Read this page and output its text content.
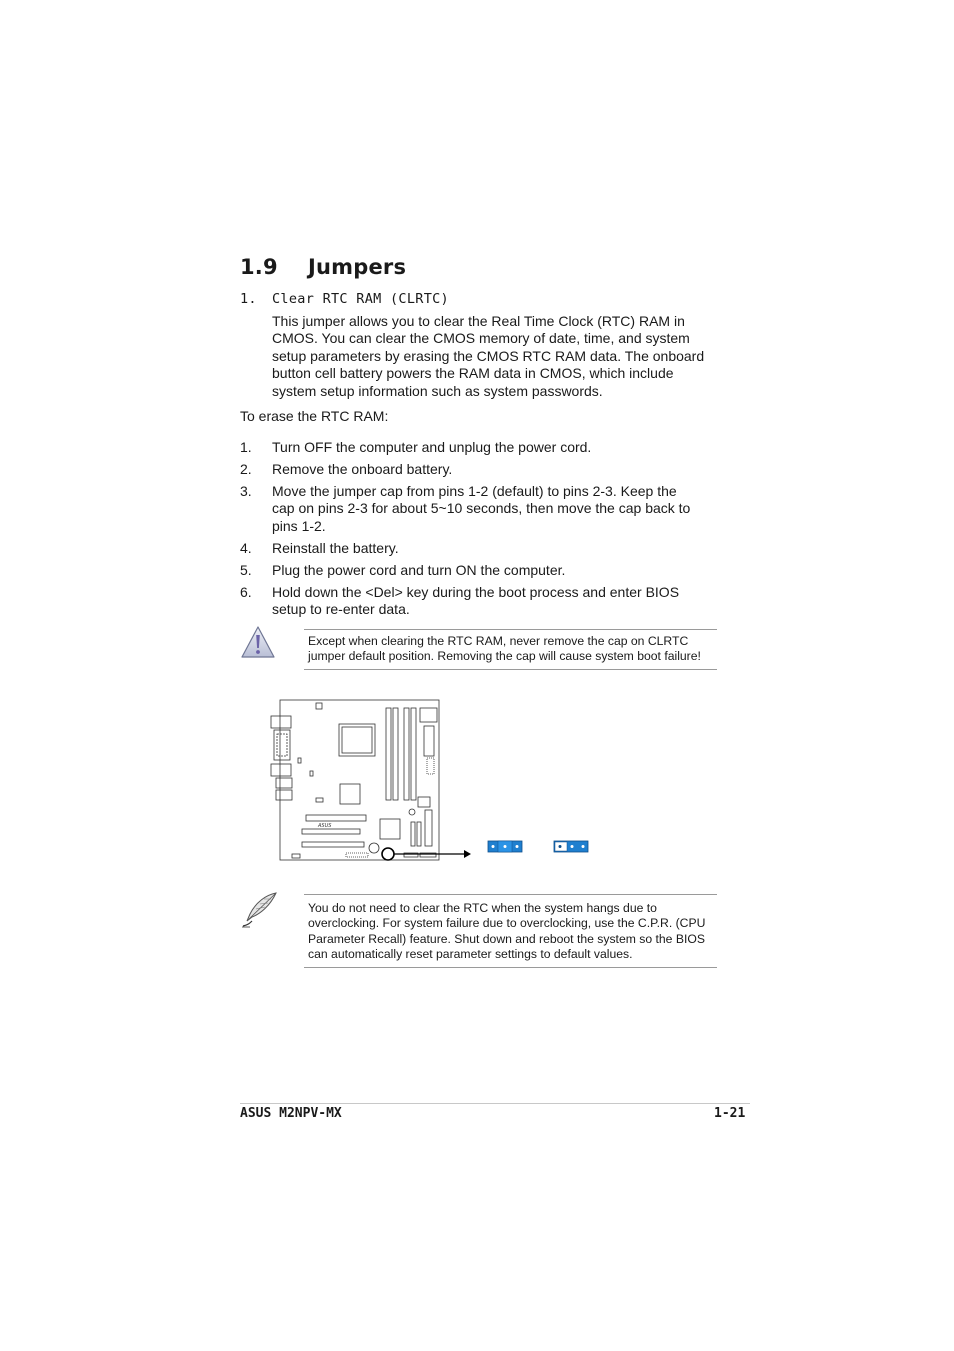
1.9 Jumpers
1. Clear RTC RAM (CLRTC)
This jumper allows you to clear the Real Time Clock (RTC) RAM in
CMOS. You can clear the CMOS memory of date, time, and system
setup parameters by erasing the CMOS RTC RAM data. The onboard
button cell battery powers the RAM data in CMOS, which include
system setup information such as system passwords.
To erase the RTC RAM:
1. Turn OFF the computer and unplug the power cord.
2. Remove the onboard battery.
3. Move the jumper cap from pins 1-2 (default) to pins 2-3. Keep the
cap on pins 2-3 for about 5~10 seconds, then move the cap back to
pins 1-2.
4. Reinstall the battery.
5. Plug the power cord and turn ON the computer.
6. Hold down the <Del> key during the boot process and enter BIOS
setup to re-enter data.
Except when clearing the RTC RAM, never remove the cap on CLRTC
jumper default position. Removing the cap will cause system boot failure!
ASUS
You do not need to clear the RTC when the system hangs due to
overclocking. For system failure due to overclocking, use the C.P.R. (CPU
Parameter Recall) feature. Shut down and reboot the system so the BIOS
can automatically reset parameter settings to default values.
ASUS M2NPV-MX	1-21
